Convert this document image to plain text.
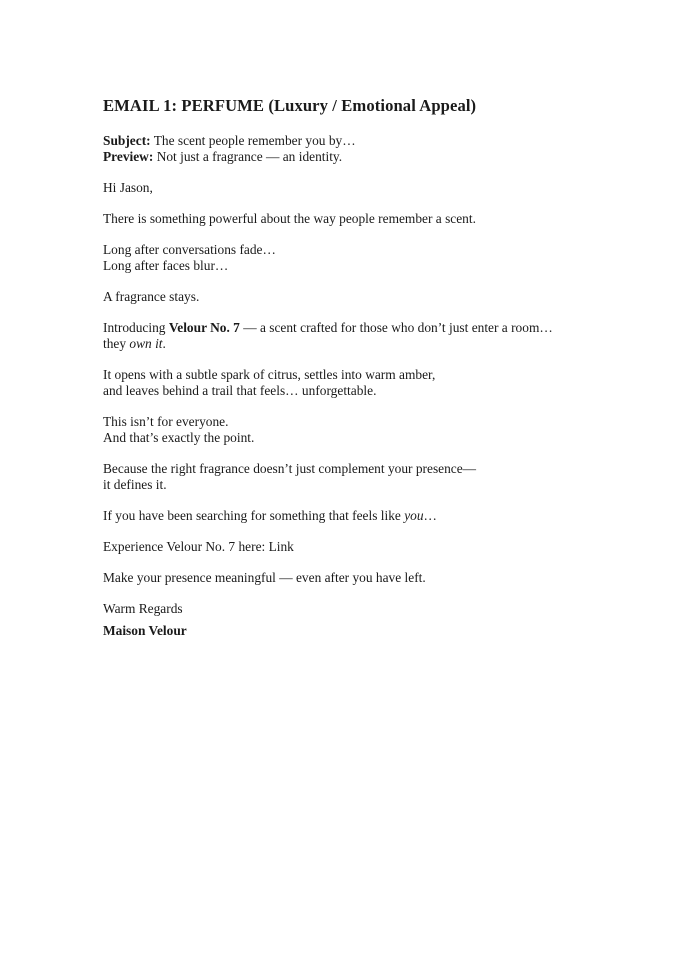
EMAIL 1: PERFUME (Luxury / Emotional Appeal)
Subject: The scent people remember you by…
Preview: Not just a fragrance — an identity.
Hi Jason,
There is something powerful about the way people remember a scent.
Long after conversations fade…
Long after faces blur…
A fragrance stays.
Introducing Velour No. 7 — a scent crafted for those who don’t just enter a room…
they own it.
It opens with a subtle spark of citrus, settles into warm amber,
and leaves behind a trail that feels… unforgettable.
This isn’t for everyone.
And that’s exactly the point.
Because the right fragrance doesn’t just complement your presence—
it defines it.
If you have been searching for something that feels like you…
Experience Velour No. 7 here: Link
Make your presence meaningful — even after you have left.
Warm Regards
Maison Velour
